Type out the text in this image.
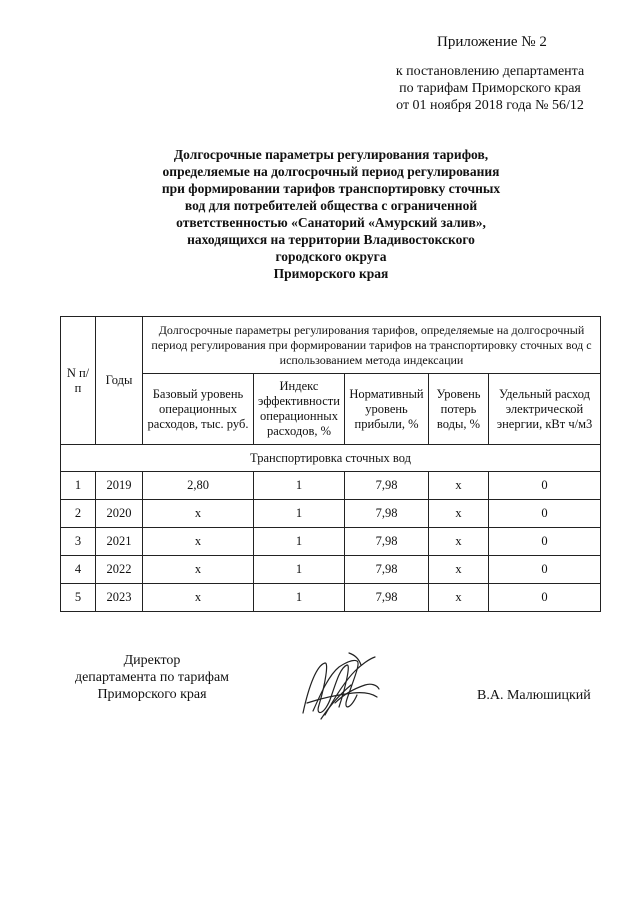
Приложение № 2
к постановлению департамента
по тарифам Приморского края
от 01 ноября 2018 года № 56/12
Долгосрочные параметры регулирования тарифов,
определяемые на долгосрочный период регулирования
при формировании тарифов транспортировку сточных
вод для потребителей общества с ограниченной
ответственностью «Санаторий «Амурский залив»,
находящихся на территории Владивостокского
городского округа
Приморского края
N п/п	Годы	Долгосрочные параметры регулирования тарифов, определяемые на долгосрочный период регулирования при формировании тарифов на транспортировку сточных вод с использованием метода индексации				
		Базовый уровень операционных расходов, тыс. руб.	Индекс эффективности операционных расходов, %	Нормативный уровень прибыли, %	Уровень потерь воды, %	Удельный расход электрической энергии, кВт ч/м3
Транспортировка сточных вод						
1	2019	2,80	1	7,98	x	0
2	2020	x	1	7,98	x	0
3	2021	x	1	7,98	x	0
4	2022	x	1	7,98	x	0
5	2023	x	1	7,98	x	0
Директор
департамента по тарифам
Приморского края	В.А. Малюшицкий
